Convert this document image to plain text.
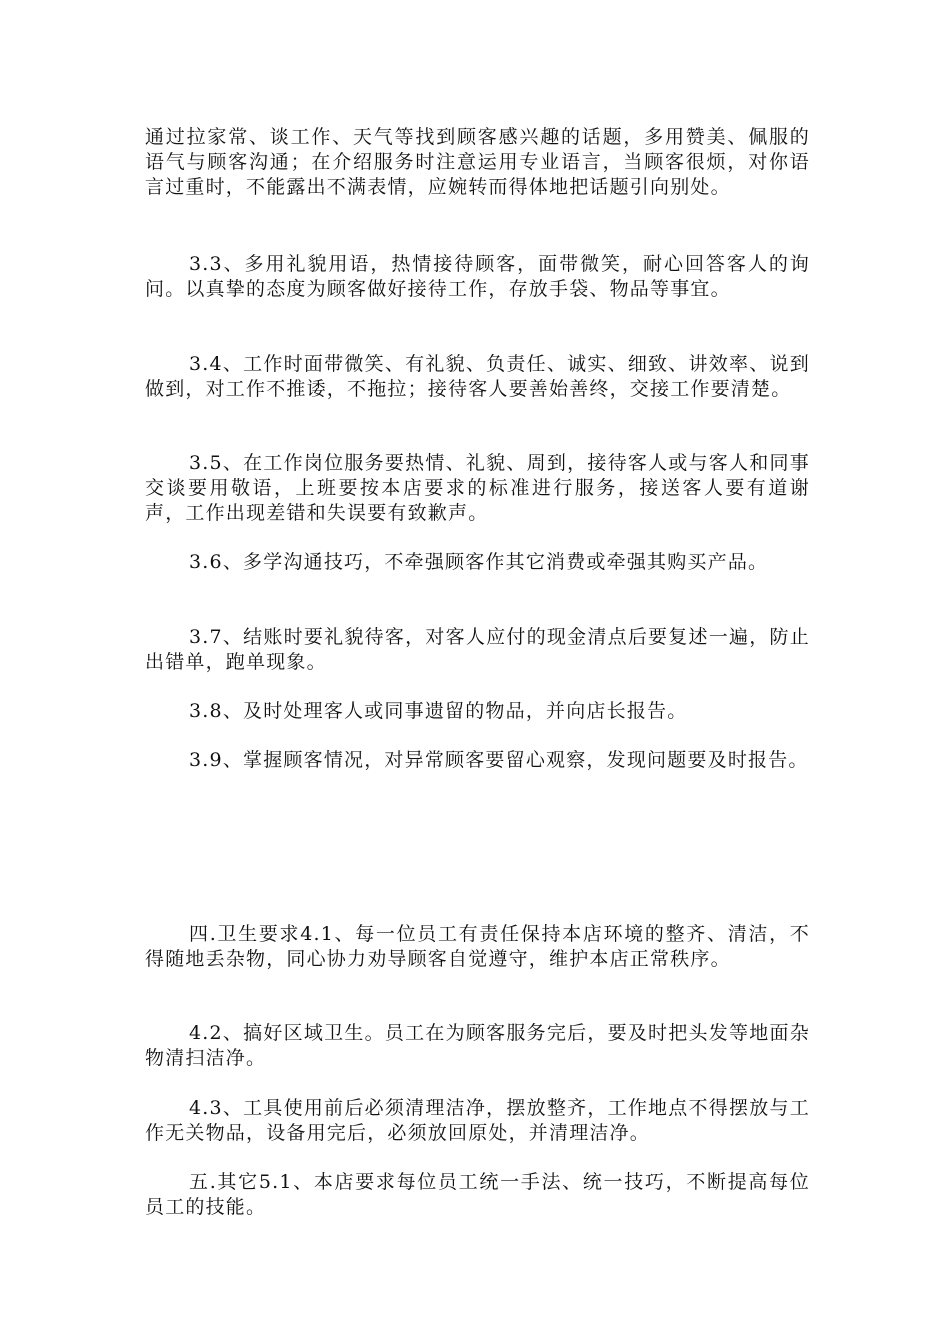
通过拉家常、谈工作、天气等找到顾客感兴趣的话题，多用赞美、佩服的语气与顾客沟通；在介绍服务时注意运用专业语言，当顾客很烦，对你语言过重时，不能露出不满表情，应婉转而得体地把话题引向别处。

3.3、多用礼貌用语，热情接待顾客，面带微笑，耐心回答客人的询问。以真挚的态度为顾客做好接待工作，存放手袋、物品等事宜。

3.4、工作时面带微笑、有礼貌、负责任、诚实、细致、讲效率、说到做到，对工作不推诿，不拖拉；接待客人要善始善终，交接工作要清楚。

3.5、在工作岗位服务要热情、礼貌、周到，接待客人或与客人和同事交谈要用敬语，上班要按本店要求的标准进行服务，接送客人要有道谢声，工作出现差错和失误要有致歉声。

3.6、多学沟通技巧，不牵强顾客作其它消费或牵强其购买产品。

3.7、结账时要礼貌待客，对客人应付的现金清点后要复述一遍，防止出错单，跑单现象。

3.8、及时处理客人或同事遗留的物品，并向店长报告。

3.9、掌握顾客情况，对异常顾客要留心观察，发现问题要及时报告。

四.卫生要求4.1、每一位员工有责任保持本店环境的整齐、清洁，不得随地丢杂物，同心协力劝导顾客自觉遵守，维护本店正常秩序。

4.2、搞好区域卫生。员工在为顾客服务完后，要及时把头发等地面杂物清扫洁净。

4.3、工具使用前后必须清理洁净，摆放整齐，工作地点不得摆放与工作无关物品，设备用完后，必须放回原处，并清理洁净。

五.其它5.1、本店要求每位员工统一手法、统一技巧，不断提高每位员工的技能。
